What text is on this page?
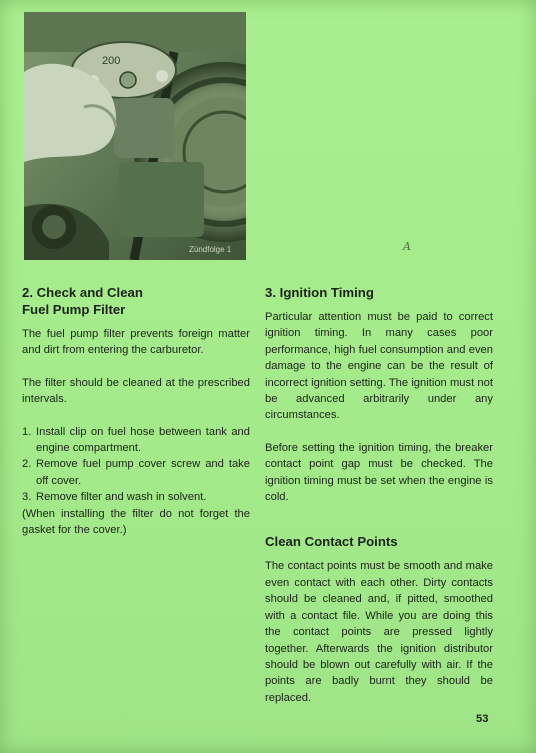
200
Zündfolge 1	A
2. Check and Clean
Fuel Pump Filter

The fuel pump filter prevents foreign matter and dirt from entering the carburetor.

The filter should be cleaned at the prescribed intervals.

1. Install clip on fuel hose between tank and engine compartment.
2. Remove fuel pump cover screw and take off cover.
3. Remove filter and wash in solvent.

(When installing the filter do not forget the gasket for the cover.)

3. Ignition Timing

Particular attention must be paid to correct ignition timing. In many cases poor performance, high fuel consumption and even damage to the engine can be the result of incorrect ignition setting. The ignition must not be advanced arbitrarily under any circumstances.

Before setting the ignition timing, the breaker contact point gap must be checked. The ignition timing must be set when the engine is cold.

Clean Contact Points

The contact points must be smooth and make even contact with each other. Dirty contacts should be cleaned and, if pitted, smoothed with a contact file. While you are doing this the contact points are pressed lightly together. Afterwards the ignition distributor should be blown out carefully with air. If the points are badly burnt they should be replaced.

53
